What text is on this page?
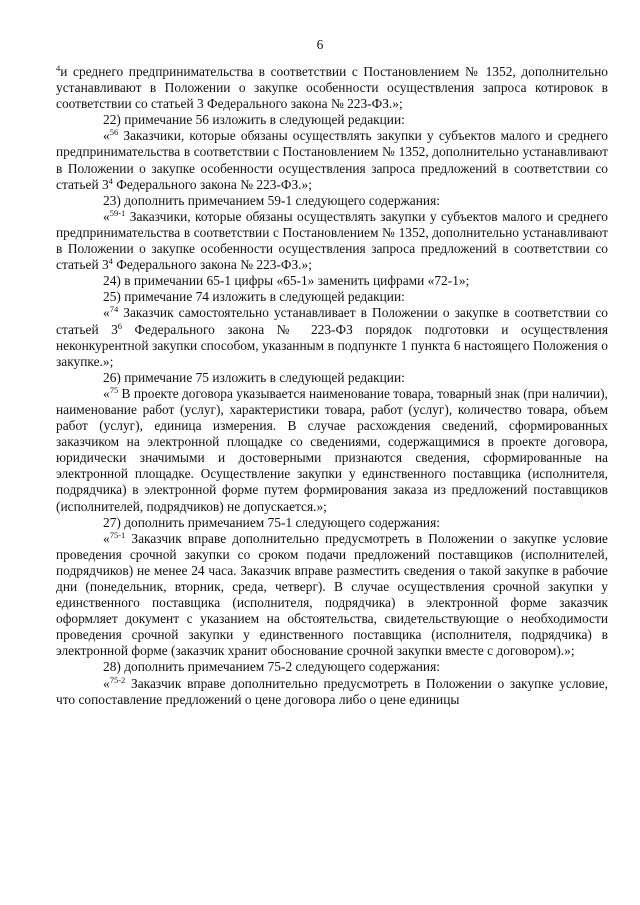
6

$^4$и среднего предпринимательства в соответствии с Постановлением № 1352, дополнительно устанавливают в Положении о закупке особенности осуществления запроса котировок в соответствии со статьей 3 Федерального закона № 223-ФЗ.»;

22) примечание 56 изложить в следующей редакции:

«$^{56}$ Заказчики, которые обязаны осуществлять закупки у субъектов малого и среднего предпринимательства в соответствии с Постановлением № 1352, дополнительно устанавливают в Положении о закупке особенности осуществления запроса предложений в соответствии со статьей $3^4$ Федерального закона № 223-ФЗ.»;

23) дополнить примечанием 59-1 следующего содержания:

«$^{59-1}$ Заказчики, которые обязаны осуществлять закупки у субъектов малого и среднего предпринимательства в соответствии с Постановлением № 1352, дополнительно устанавливают в Положении о закупке особенности осуществления запроса предложений в соответствии со статьей $3^4$ Федерального закона № 223-ФЗ.»;

24) в примечании 65-1 цифры «65-1» заменить цифрами «72-1»;

25) примечание 74 изложить в следующей редакции:

«$^{74}$ Заказчик самостоятельно устанавливает в Положении о закупке в соответствии со статьей $3^6$ Федерального закона № 223-ФЗ порядок подготовки и осуществления неконкурентной закупки способом, указанным в подпункте 1 пункта 6 настоящего Положения о закупке.»;

26) примечание 75 изложить в следующей редакции:

«$^{75}$ В проекте договора указывается наименование товара, товарный знак (при наличии), наименование работ (услуг), характеристики товара, работ (услуг), количество товара, объем работ (услуг), единица измерения. В случае расхождения сведений, сформированных заказчиком на электронной площадке со сведениями, содержащимися в проекте договора, юридически значимыми и достоверными признаются сведения, сформированные на электронной площадке. Осуществление закупки у единственного поставщика (исполнителя, подрядчика) в электронной форме путем формирования заказа из предложений поставщиков (исполнителей, подрядчиков) не допускается.»;

27) дополнить примечанием 75-1 следующего содержания:

«$^{75-1}$ Заказчик вправе дополнительно предусмотреть в Положении о закупке условие проведения срочной закупки со сроком подачи предложений поставщиков (исполнителей, подрядчиков) не менее 24 часа. Заказчик вправе разместить сведения о такой закупке в рабочие дни (понедельник, вторник, среда, четверг). В случае осуществления срочной закупки у единственного поставщика (исполнителя, подрядчика) в электронной форме заказчик оформляет документ с указанием на обстоятельства, свидетельствующие о необходимости проведения срочной закупки у единственного поставщика (исполнителя, подрядчика) в электронной форме (заказчик хранит обоснование срочной закупки вместе с договором).»;

28) дополнить примечанием 75-2 следующего содержания:

«$^{75-2}$ Заказчик вправе дополнительно предусмотреть в Положении о закупке условие, что сопоставление предложений о цене договора либо о цене единицы
